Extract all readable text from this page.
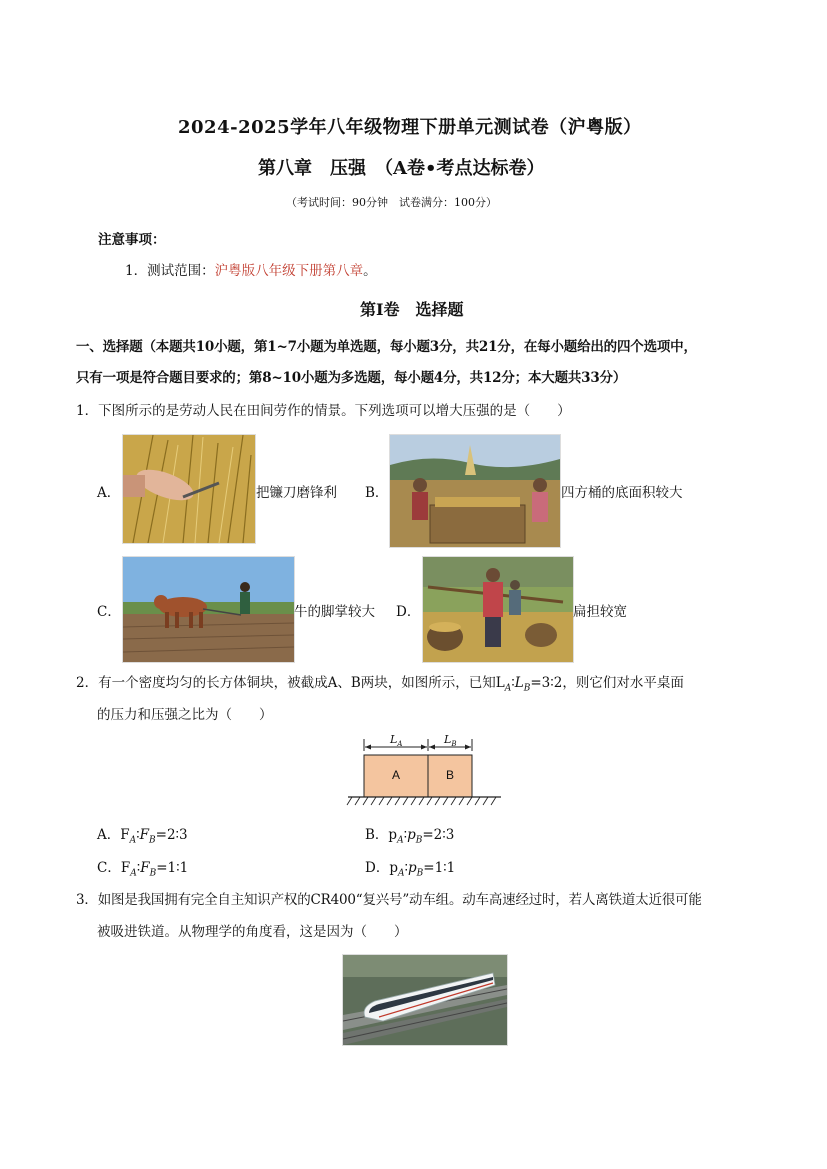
2024-2025学年八年级物理下册单元测试卷（沪粤版）
第八章　压强　（A卷•考点达标卷）
（考试时间：90分钟　试卷满分：100分）
注意事项：
1．测试范围：沪粤版八年级下册第八章。
第Ⅰ卷　选择题
一、选择题（本题共10小题，第1~7小题为单选题，每小题3分，共21分，在每小题给出的四个选项中，
只有一项是符合题目要求的；第8~10小题为多选题，每小题4分，共12分；本大题共33分）
1．下图所示的是劳动人民在田间劳作的情景。下列选项可以增大压强的是（　　）
A．	把镰刀磨锋利 B．	四方桶的底面积较大
C．	牛的脚掌较大 D．	扁担较宽
2．有一个密度均匀的长方体铜块，被截成A、B两块，如图所示，已知$L_A∶L_B=3∶2$，则它们对水平桌面
的压力和压强之比为（　　）
$L_A$	$L_B$
A	B
A．$F_A∶F_B=2∶3$	B．$p_A∶p_B=2∶3$
C．$F_A∶F_B=1∶1$	D．$p_A∶p_B=1∶1$
3．如图是我国拥有完全自主知识产权的CR400“复兴号”动车组。动车高速经过时，若人离铁道太近很可能
被吸进铁道。从物理学的角度看，这是因为（　　）
